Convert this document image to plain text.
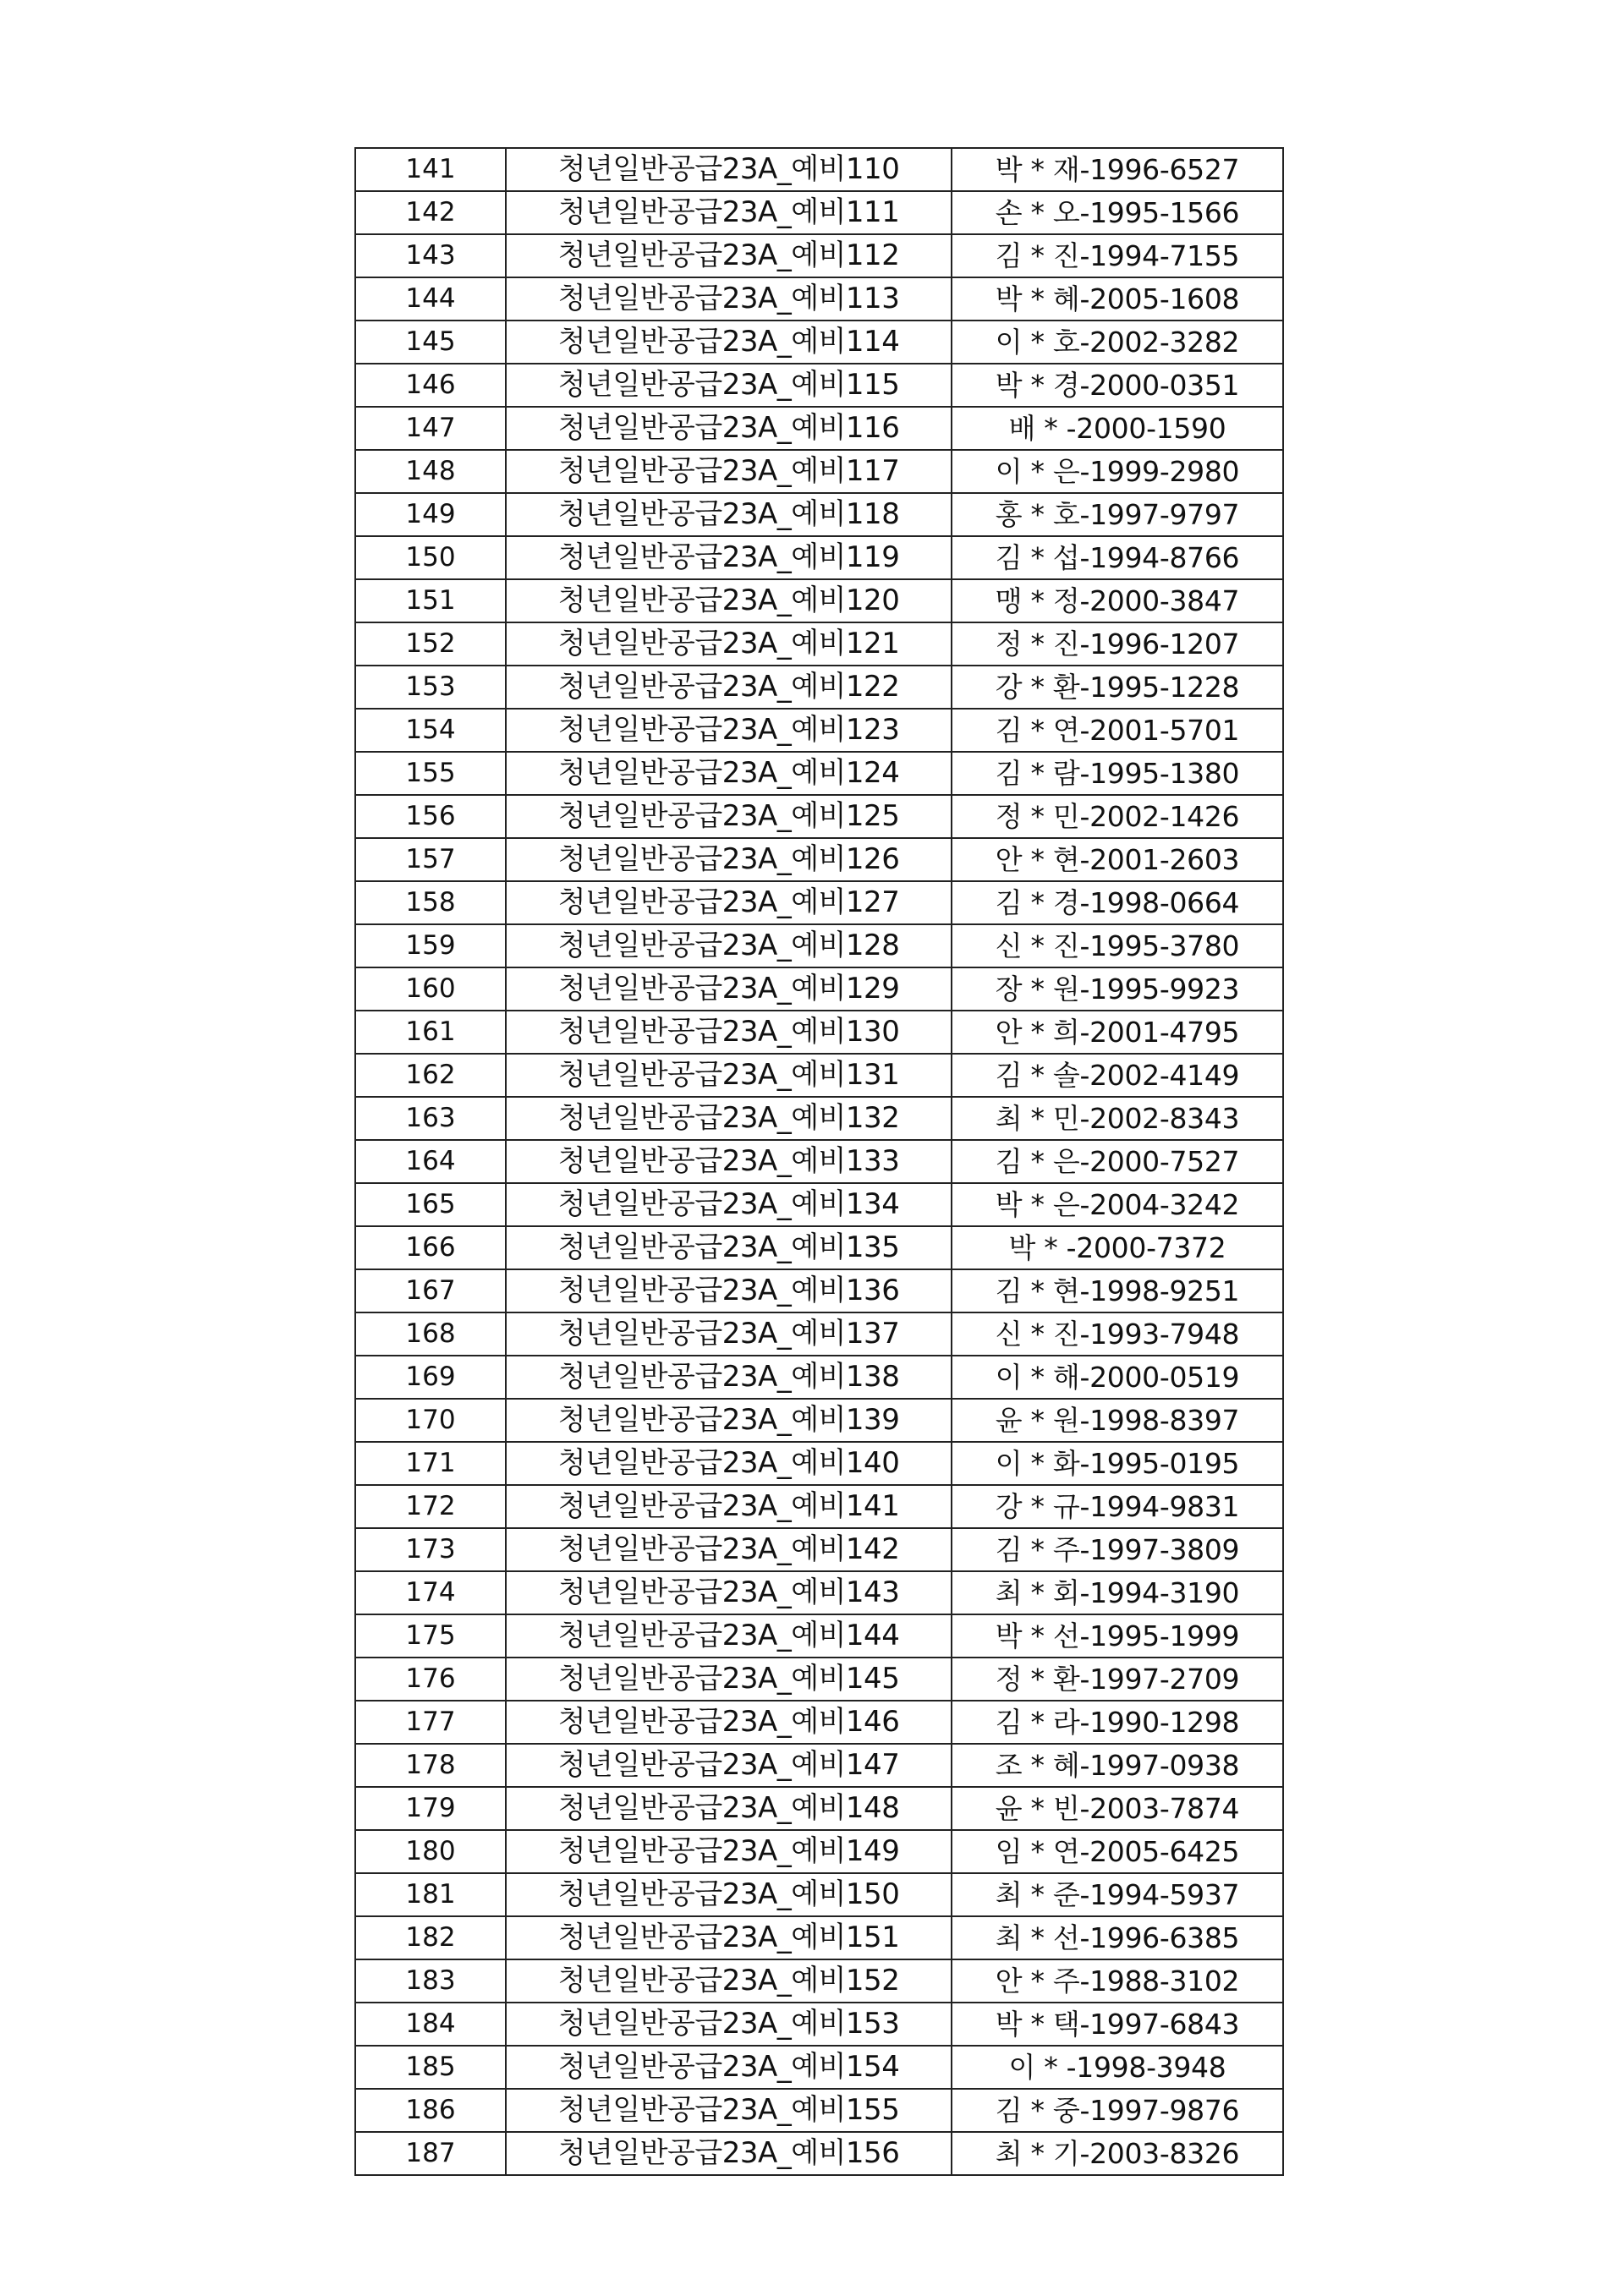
141	청년일반공급23A_예비110	박 * 재-1996-6527
142	청년일반공급23A_예비111	손 * 오-1995-1566
143	청년일반공급23A_예비112	김 * 진-1994-7155
144	청년일반공급23A_예비113	박 * 혜-2005-1608
145	청년일반공급23A_예비114	이 * 호-2002-3282
146	청년일반공급23A_예비115	박 * 경-2000-0351
147	청년일반공급23A_예비116	배 * -2000-1590
148	청년일반공급23A_예비117	이 * 은-1999-2980
149	청년일반공급23A_예비118	홍 * 호-1997-9797
150	청년일반공급23A_예비119	김 * 섭-1994-8766
151	청년일반공급23A_예비120	맹 * 정-2000-3847
152	청년일반공급23A_예비121	정 * 진-1996-1207
153	청년일반공급23A_예비122	강 * 환-1995-1228
154	청년일반공급23A_예비123	김 * 연-2001-5701
155	청년일반공급23A_예비124	김 * 람-1995-1380
156	청년일반공급23A_예비125	정 * 민-2002-1426
157	청년일반공급23A_예비126	안 * 현-2001-2603
158	청년일반공급23A_예비127	김 * 경-1998-0664
159	청년일반공급23A_예비128	신 * 진-1995-3780
160	청년일반공급23A_예비129	장 * 원-1995-9923
161	청년일반공급23A_예비130	안 * 희-2001-4795
162	청년일반공급23A_예비131	김 * 솔-2002-4149
163	청년일반공급23A_예비132	최 * 민-2002-8343
164	청년일반공급23A_예비133	김 * 은-2000-7527
165	청년일반공급23A_예비134	박 * 은-2004-3242
166	청년일반공급23A_예비135	박 * -2000-7372
167	청년일반공급23A_예비136	김 * 현-1998-9251
168	청년일반공급23A_예비137	신 * 진-1993-7948
169	청년일반공급23A_예비138	이 * 해-2000-0519
170	청년일반공급23A_예비139	윤 * 원-1998-8397
171	청년일반공급23A_예비140	이 * 화-1995-0195
172	청년일반공급23A_예비141	강 * 규-1994-9831
173	청년일반공급23A_예비142	김 * 주-1997-3809
174	청년일반공급23A_예비143	최 * 회-1994-3190
175	청년일반공급23A_예비144	박 * 선-1995-1999
176	청년일반공급23A_예비145	정 * 환-1997-2709
177	청년일반공급23A_예비146	김 * 라-1990-1298
178	청년일반공급23A_예비147	조 * 혜-1997-0938
179	청년일반공급23A_예비148	윤 * 빈-2003-7874
180	청년일반공급23A_예비149	임 * 연-2005-6425
181	청년일반공급23A_예비150	최 * 준-1994-5937
182	청년일반공급23A_예비151	최 * 선-1996-6385
183	청년일반공급23A_예비152	안 * 주-1988-3102
184	청년일반공급23A_예비153	박 * 택-1997-6843
185	청년일반공급23A_예비154	이 * -1998-3948
186	청년일반공급23A_예비155	김 * 중-1997-9876
187	청년일반공급23A_예비156	최 * 기-2003-8326
